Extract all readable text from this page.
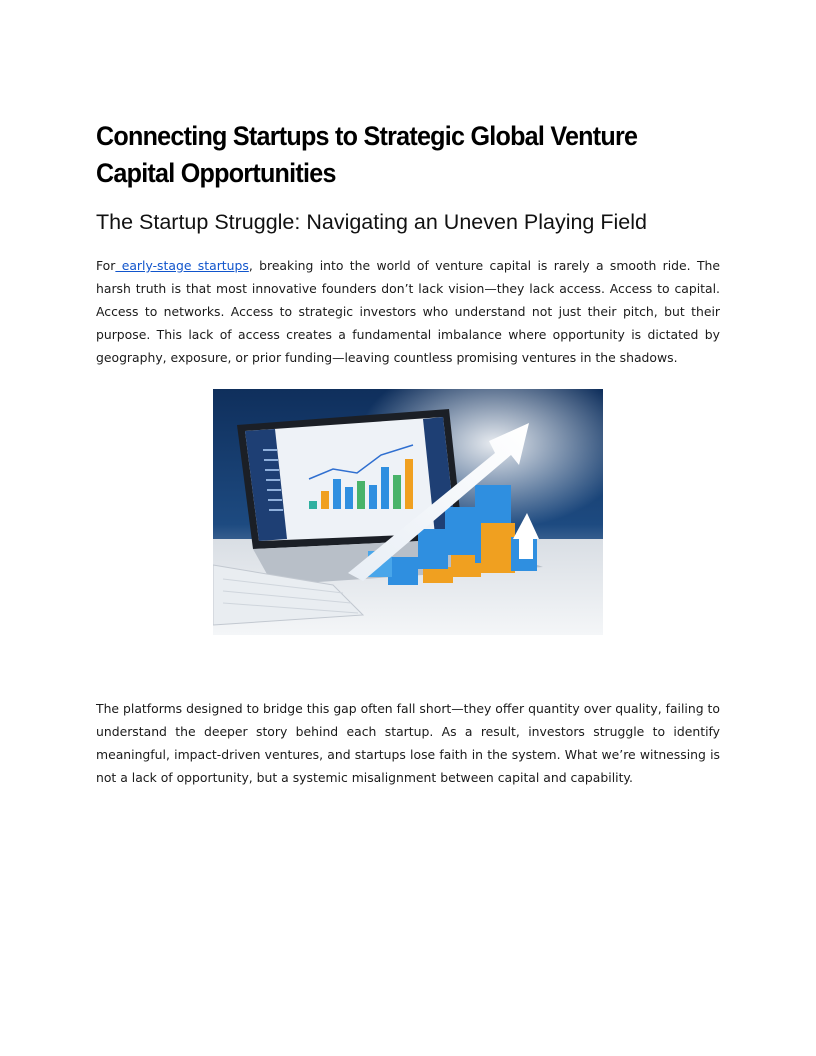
Connecting Startups to Strategic Global Venture Capital Opportunities
The Startup Struggle: Navigating an Uneven Playing Field

For early-stage startups, breaking into the world of venture capital is rarely a smooth ride. The harsh truth is that most innovative founders don’t lack vision—they lack access. Access to capital. Access to networks. Access to strategic investors who understand not just their pitch, but their purpose. This lack of access creates a fundamental imbalance where opportunity is dictated by geography, exposure, or prior funding—leaving countless promising ventures in the shadows.

The platforms designed to bridge this gap often fall short—they offer quantity over quality, failing to understand the deeper story behind each startup. As a result, investors struggle to identify meaningful, impact-driven ventures, and startups lose faith in the system. What we’re witnessing is not a lack of opportunity, but a systemic misalignment between capital and capability.
